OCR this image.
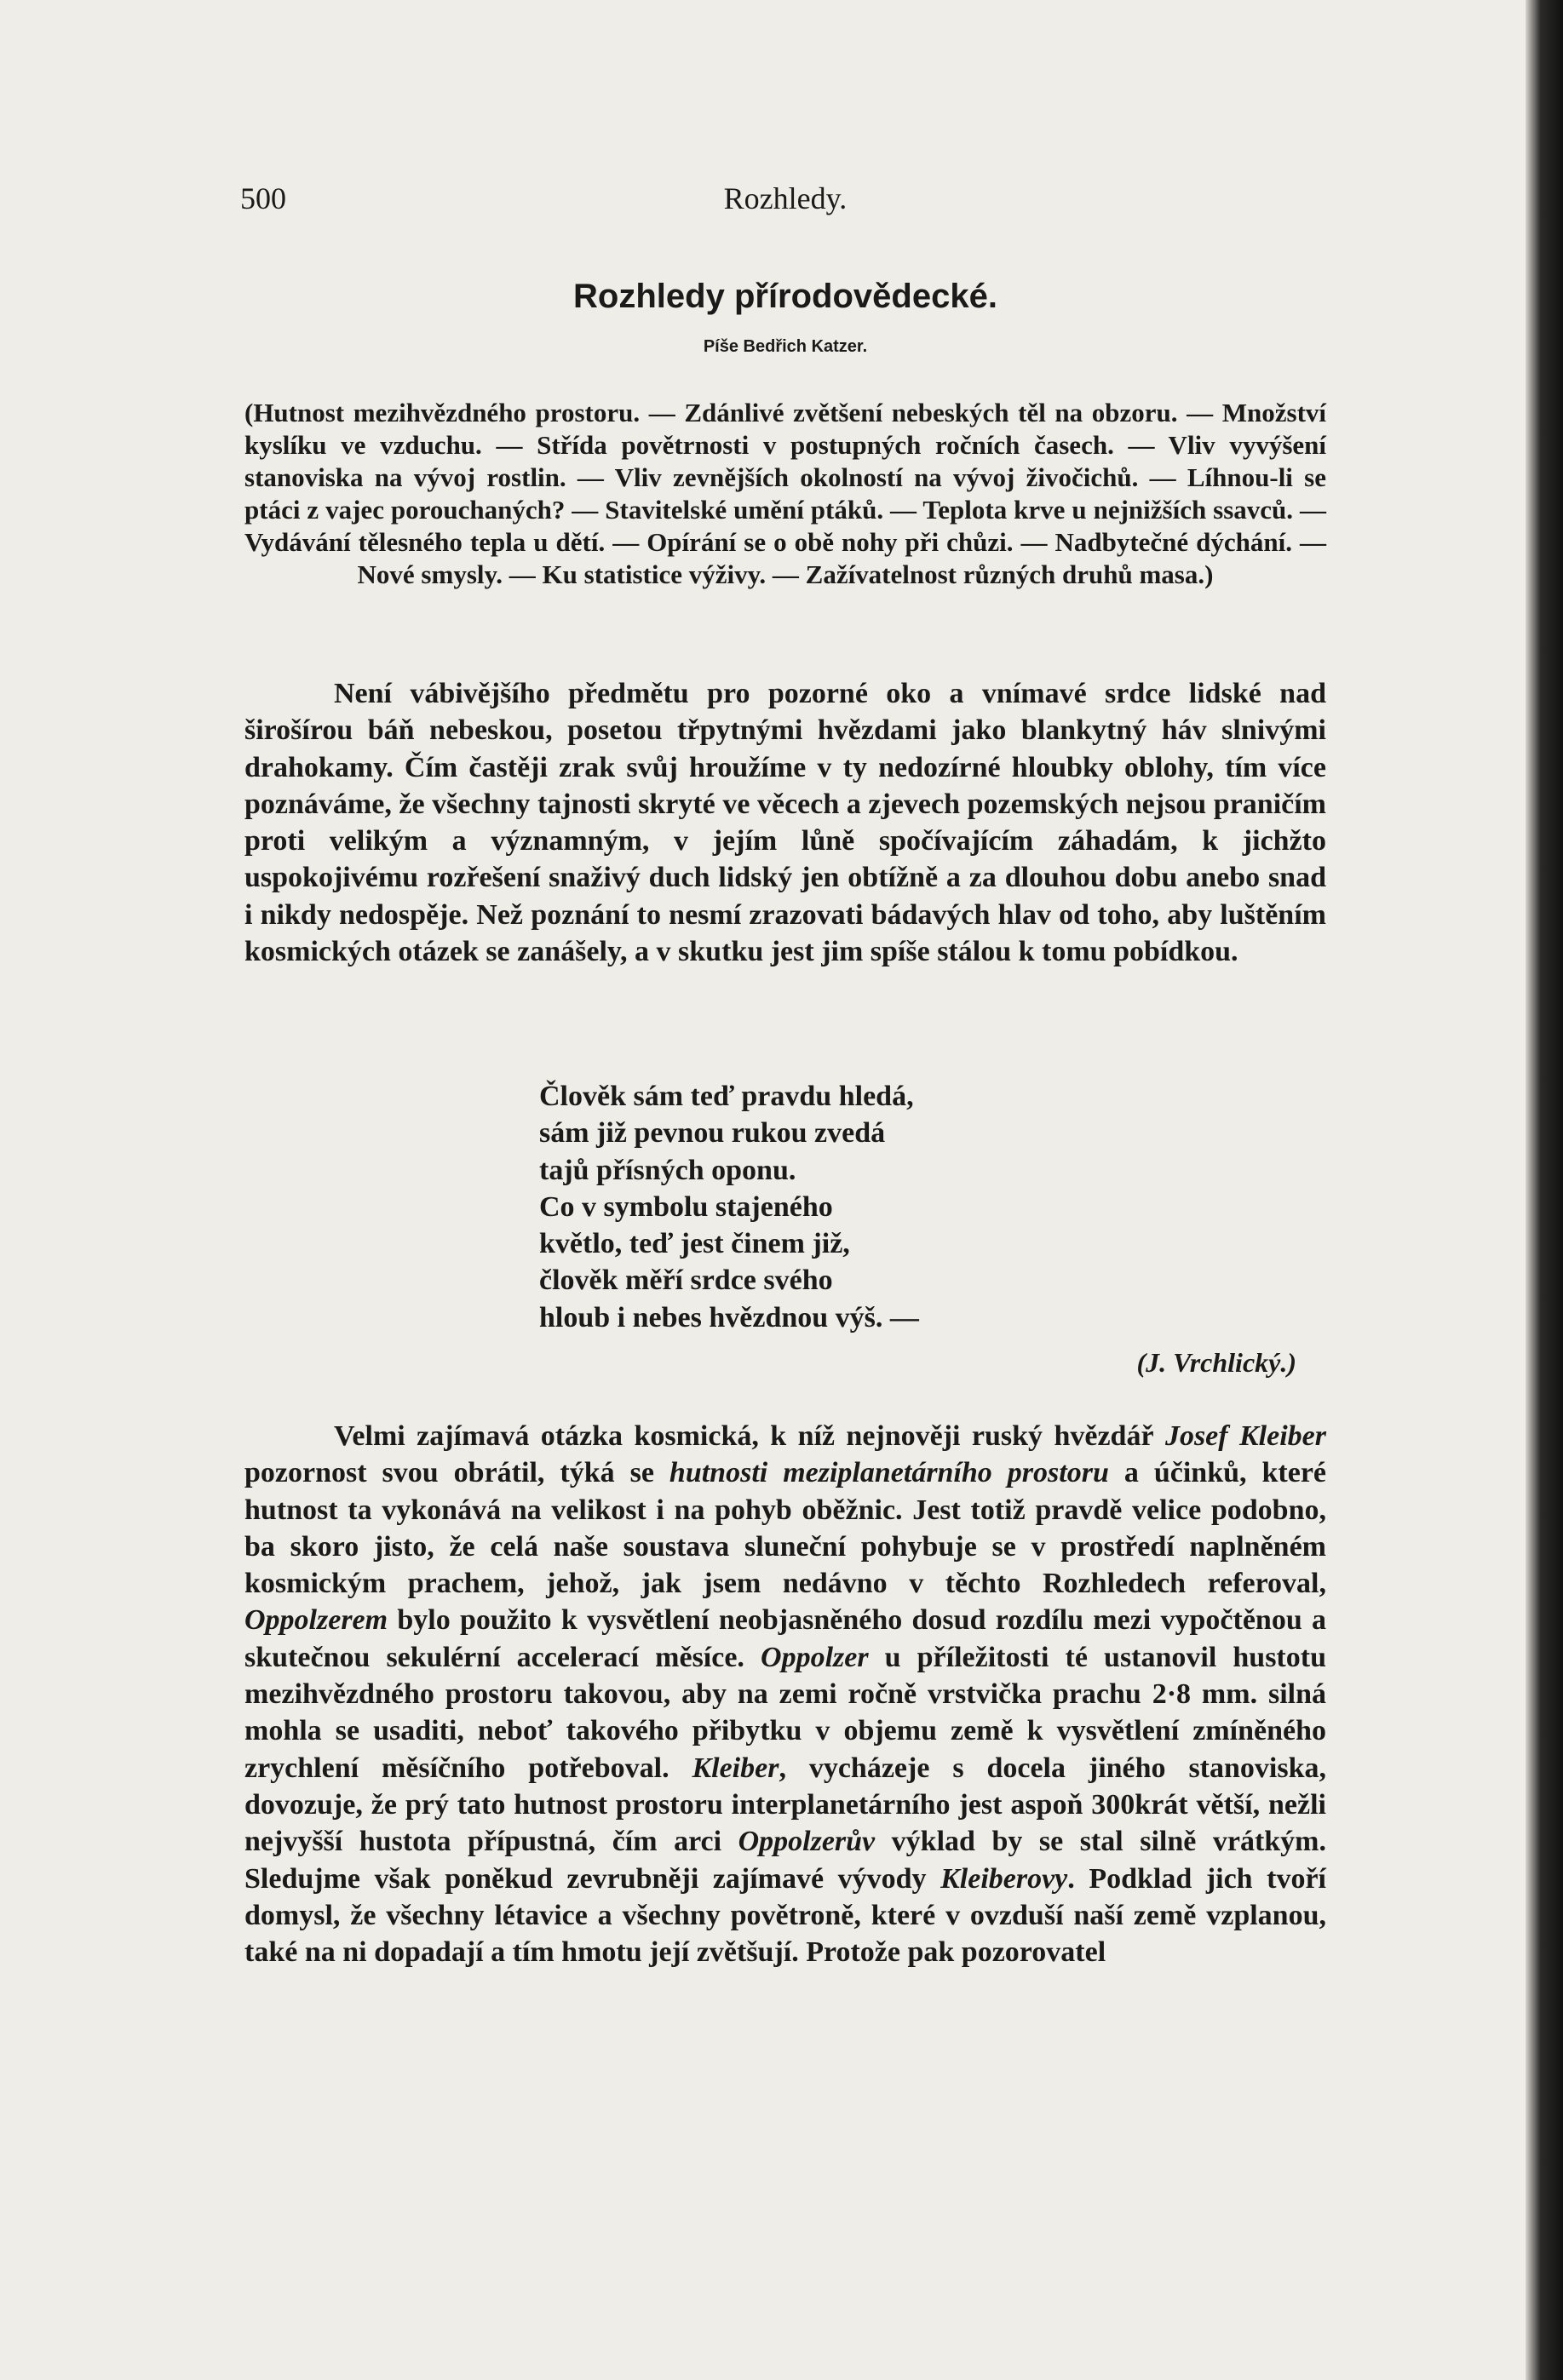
500	Rozhledy.
Rozhledy přírodovědecké.
Píše Bedřich Katzer.
(Hutnost mezihvězdného prostoru. — Zdánlivé zvětšení nebeských těl na obzoru. — Množství kyslíku ve vzduchu. — Střída povětrnosti v postupných ročních časech. — Vliv vyvýšení stanoviska na vývoj rostlin. — Vliv zevnějších okolností na vývoj živočichů. — Líhnou-li se ptáci z vajec porouchaných? — Stavitelské umění ptáků. — Teplota krve u nejnižších ssavců. — Vydávání tělesného tepla u dětí. — Opírání se o obě nohy při chůzi. — Nadbytečné dýchání. — Nové smysly. — Ku statistice výživy. — Zažívatelnost různých druhů masa.)
Není vábivějšího předmětu pro pozorné oko a vnímavé srdce lidské nad širošírou báň nebeskou, posetou třpytnými hvězdami jako blankytný háv slnivými drahokamy. Čím častěji zrak svůj hroužíme v ty nedozírné hloubky oblohy, tím více poznáváme, že všechny tajnosti skryté ve věcech a zjevech pozemských nejsou praničím proti velikým a významným, v jejím lůně spočívajícím záhadám, k jichžto uspokojivému rozřešení snaživý duch lidský jen obtížně a za dlouhou dobu anebo snad i nikdy nedospěje. Než poznání to nesmí zrazovati bádavých hlav od toho, aby luštěním kosmických otázek se zanášely, a v skutku jest jim spíše stálou k tomu pobídkou.
Člověk sám teď pravdu hledá,
sám již pevnou rukou zvedá
tajů přísných oponu.
Co v symbolu stajeného
květlo, teď jest činem již,
člověk měří srdce svého
hloub i nebes hvězdnou výš. —
(J. Vrchlický.)
Velmi zajímavá otázka kosmická, k níž nejnověji ruský hvězdář Josef Kleiber pozornost svou obrátil, týká se hutnosti meziplanetárního prostoru a účinků, které hutnost ta vykonává na velikost i na pohyb oběžnic. Jest totiž pravdě velice podobno, ba skoro jisto, že celá naše soustava sluneční pohybuje se v prostředí naplněném kosmickým prachem, jehož, jak jsem nedávno v těchto Rozhledech referoval, Oppolzerem bylo použito k vysvětlení neobjasněného dosud rozdílu mezi vypočtěnou a skutečnou sekulérní accelerací měsíce. Oppolzer u příležitosti té ustanovil hustotu mezihvězdného prostoru takovou, aby na zemi ročně vrstvička prachu 2·8 mm. silná mohla se usaditi, neboť takového přibytku v objemu země k vysvětlení zmíněného zrychlení měsíčního potřeboval. Kleiber, vycházeje s docela jiného stanoviska, dovozuje, že prý tato hutnost prostoru interplanetárního jest aspoň 300krát větší, nežli nejvyšší hustota přípustná, čím arci Oppolzerův výklad by se stal silně vrátkým. Sledujme však poněkud zevrubněji zajímavé vývody Kleiberovy. Podklad jich tvoří domysl, že všechny létavice a všechny povětroně, které v ovzduší naší země vzplanou, také na ni dopadají a tím hmotu její zvětšují. Protože pak pozorovatel
